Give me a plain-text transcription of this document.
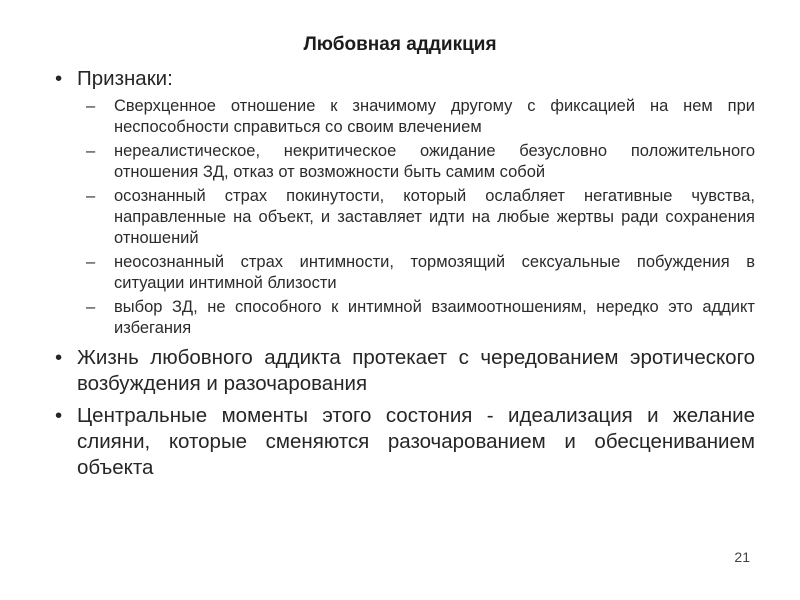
Любовная аддикция
• Признаки:
– Сверхценное отношение к значимому другому с фиксацией на нем при неспособности справиться со своим влечением
– нереалистическое, некритическое ожидание безусловно положительного отношения ЗД, отказ от возможности быть самим собой
– осознанный страх покинутости, который ослабляет негативные чувства, направленные на объект, и заставляет идти на любые жертвы ради сохранения отношений
– неосознанный страх интимности, тормозящий сексуальные побуждения в ситуации интимной близости
– выбор ЗД, не способного к интимной взаимоотношениям, нередко это аддикт избегания
• Жизнь любовного аддикта протекает с чередованием эротического возбуждения и разочарования
• Центральные моменты этого состония - идеализация и желание слияни, которые сменяются разочарованием и обесцениванием объекта
21
